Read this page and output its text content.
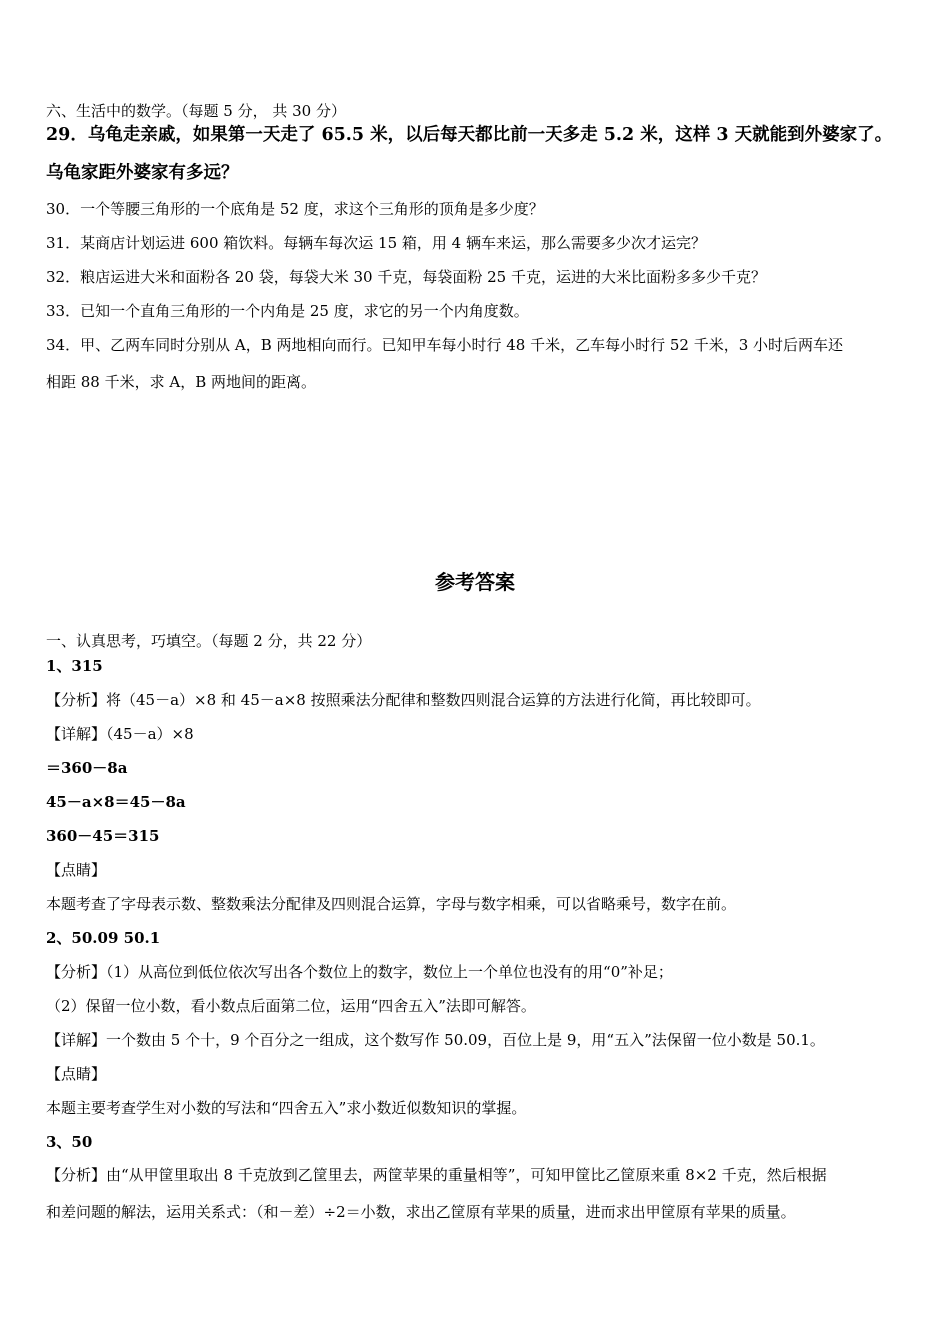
六、生活中的数学。（每题 5 分， 共 30 分）
29．乌龟走亲戚，如果第一天走了 65.5 米，以后每天都比前一天多走 5.2 米，这样 3 天就能到外婆家了。
乌龟家距外婆家有多远？
30．一个等腰三角形的一个底角是 52 度，求这个三角形的顶角是多少度？
31．某商店计划运进 600 箱饮料。每辆车每次运 15 箱，用 4 辆车来运，那么需要多少次才运完？
32．粮店运进大米和面粉各 20 袋，每袋大米 30 千克，每袋面粉 25 千克，运进的大米比面粉多多少千克？
33．已知一个直角三角形的一个内角是 25 度，求它的另一个内角度数。
34．甲、乙两车同时分别从 A，B 两地相向而行。已知甲车每小时行 48 千米，乙车每小时行 52 千米，3 小时后两车还
相距 88 千米，求 A，B 两地间的距离。
参考答案
一、认真思考，巧填空。（每题 2 分，共 22 分）
1、315
【分析】将（45－a）×8 和 45－a×8 按照乘法分配律和整数四则混合运算的方法进行化简，再比较即可。
【详解】（45－a）×8
＝360－8a
45－a×8＝45－8a
360－45＝315
【点睛】
本题考查了字母表示数、整数乘法分配律及四则混合运算，字母与数字相乘，可以省略乘号，数字在前。
2、50.09 50.1
【分析】（1）从高位到低位依次写出各个数位上的数字，数位上一个单位也没有的用“0”补足；
（2）保留一位小数，看小数点后面第二位，运用“四舍五入”法即可解答。
【详解】一个数由 5 个十，9 个百分之一组成，这个数写作 50.09，百位上是 9，用“五入”法保留一位小数是 50.1。
【点睛】
本题主要考查学生对小数的写法和“四舍五入”求小数近似数知识的掌握。
3、50
【分析】由“从甲筐里取出 8 千克放到乙筐里去，两筐苹果的重量相等”，可知甲筐比乙筐原来重 8×2 千克，然后根据
和差问题的解法，运用关系式：（和－差）÷2＝小数，求出乙筐原有苹果的质量，进而求出甲筐原有苹果的质量。
